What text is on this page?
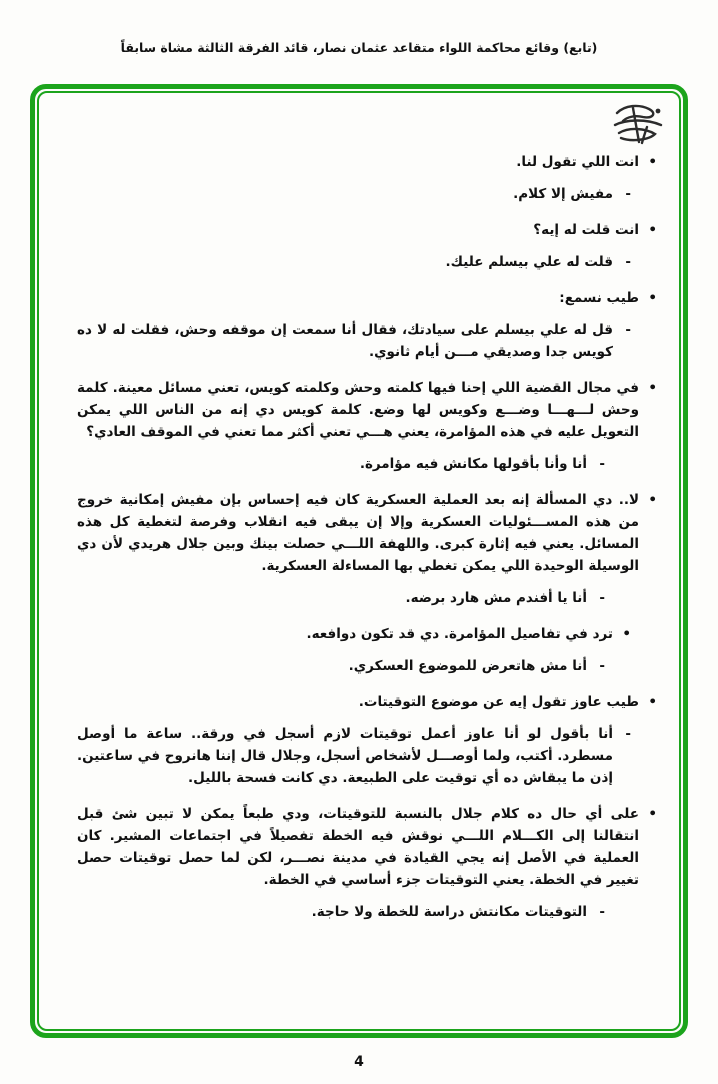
(تابع) وقائع محاكمة اللواء متقاعد عثمان نصار، قائد الفرقة الثالثة مشاة سابقاً
•
انت اللي تقول لنا.
-
مفيش إلا كلام.
•
انت قلت له إيه؟
-
قلت له علي بيسلم عليك.
•
طيب نسمع:
-
قل له علي بيسلم على سيادتك، فقال أنا سمعت إن موقفه وحش، فقلت له لا ده كويس جدا وصديقي مـــن أيام ثانوي.
•
في مجال القضية اللي إحنا فيها كلمته وحش وكلمته كويس، تعني مسائل معينة. كلمة وحش لـــهـــا وضـــع وكويس لها وضع. كلمة كويس دي إنه من الناس اللي يمكن التعويل عليه في هذه المؤامرة، يعني هـــي تعني أكثر مما تعني في الموقف العادي؟
-
أنا وأنا بأقولها مكانش فيه مؤامرة.
•
لا.. دي المسألة إنه بعد العملية العسكرية كان فيه إحساس بإن مفيش إمكانية خروج من هذه المســـئوليات العسكرية وإلا إن يبقى فيه انقلاب وفرصة لتغطية كل هذه المسائل. يعني فيه إثارة كبرى. واللهفة اللـــي حصلت بينك وبين جلال هريدي لأن دي الوسيلة الوحيدة اللي يمكن تغطي بها المساءلة العسكرية.
-
أنا يا أفندم مش هارد برضه.
•
ترد في تفاصيل المؤامرة. دي قد تكون دوافعه.
-
أنا مش هاتعرض للموضوع العسكري.
•
طيب عاوز تقول إيه عن موضوع التوقيتات.
-
أنا بأقول لو أنا عاوز أعمل توقيتات لازم أسجل في ورقة.. ساعة ما أوصل مسطرد. أكتب، ولما أوصـــل لأشخاص أسجل، وجلال قال إننا هانروح في ساعتين. إذن ما يبقاش ده أي توقيت على الطبيعة. دي كانت فسحة بالليل.
•
على أي حال ده كلام جلال بالنسبة للتوقيتات، ودي طبعاً يمكن لا تبين شئ قبل انتقالنا إلى الكـــلام اللـــي نوقش فيه الخطة تفصيلاً في اجتماعات المشير. كان العملية في الأصل إنه يجي القيادة في مدينة نصـــر، لكن لما حصل توقيتات حصل تغيير في الخطة. يعني التوقيتات جزء أساسي في الخطة.
-
التوقيتات مكانتش دراسة للخطة ولا حاجة.
4
